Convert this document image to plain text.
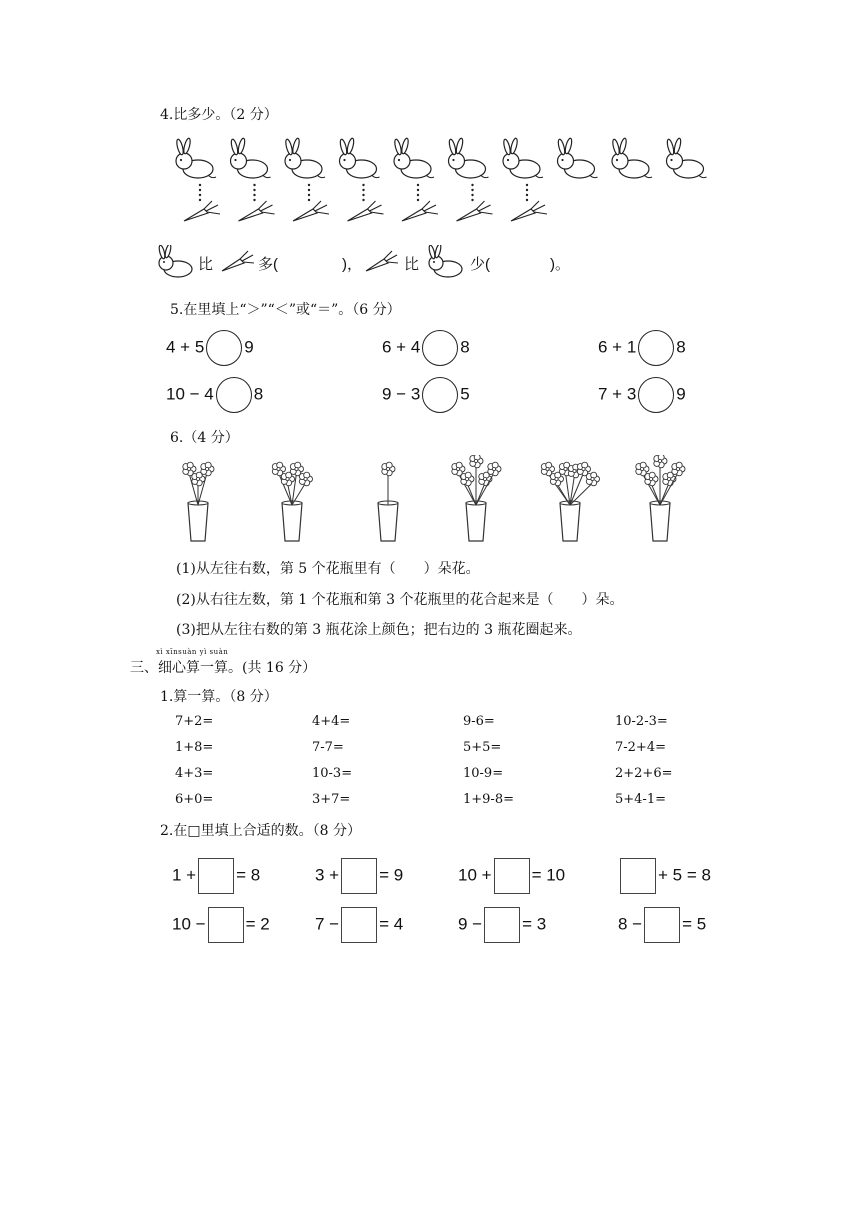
4.比多少。（2 分）
比	多(	)，	比	少(	)。
5.在里填上“＞”“＜”或“＝”。（6 分）
4 + 5 9	6 + 4 8	6 + 1 8
10 − 4 8	9 − 3 5	7 + 3 9
6.（4 分）
(1)从左往右数，第 5 个花瓶里有（　　）朵花。
(2)从右往左数，第 1 个花瓶和第 3 个花瓶里的花合起来是（　　）朵。
(3)把从左往右数的第 3 瓶花涂上颜色；把右边的 3 瓶花圈起来。
xì xīnsuàn yì suàn
三、细心算一算。(共 16 分）
1.算一算。（8 分）
7+2=	4+4=	9-6=	10-2-3=
1+8=	7-7=	5+5=	7-2+4=
4+3=	10-3=	10-9=	2+2+6=
6+0=	3+7=	1+9-8=	5+4-1=
2.在□里填上合适的数。（8 分）
1 + = 8	3 + = 9	10 + = 10	+ 5 = 8
10 − = 2	7 − = 4	9 − = 3	8 − = 5
